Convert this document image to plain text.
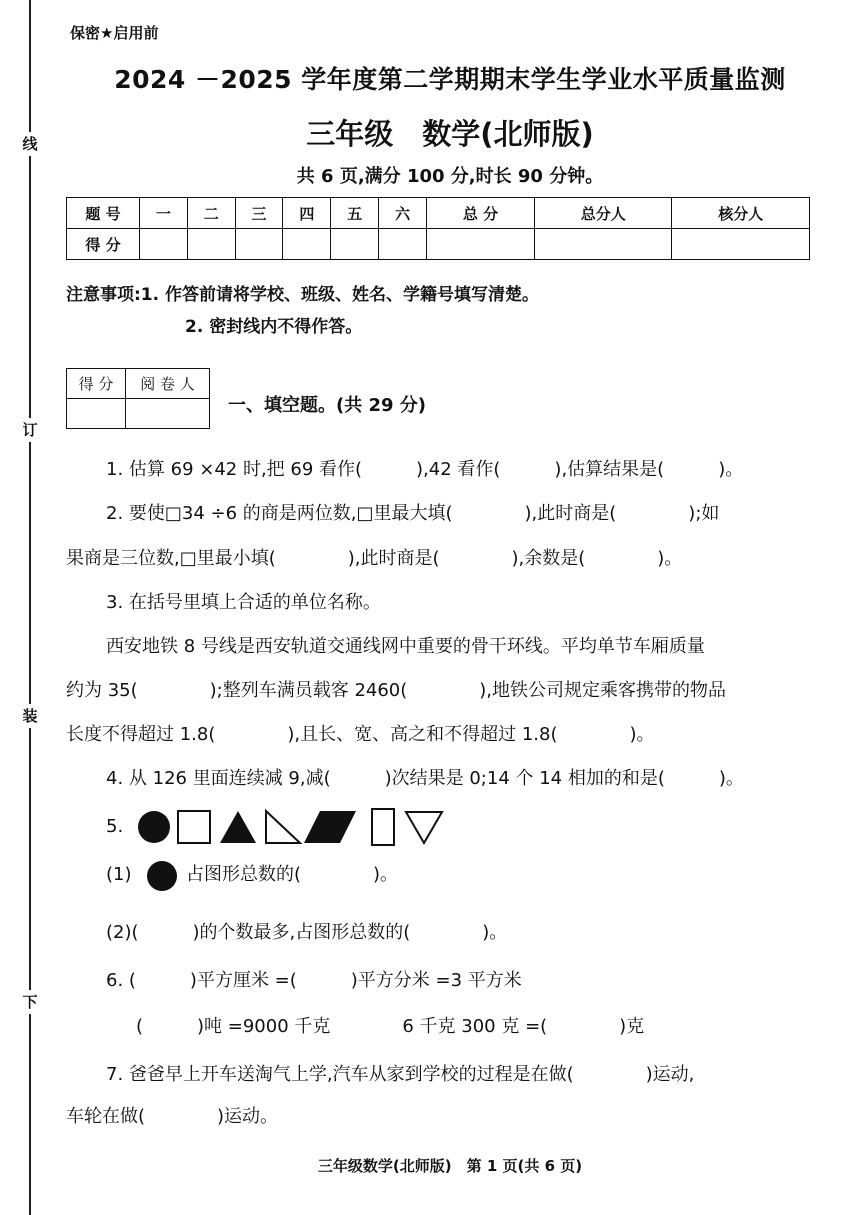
线
订
装
下
保密★启用前
2024 －2025 学年度第二学期期末学生学业水平质量监测
三年级　数学(北师版)
共 6 页,满分 100 分,时长 90 分钟。
题 号	一	二	三	四	五	六	总 分	总分人	核分人
得 分									
注意事项:1. 作答前请将学校、班级、姓名、学籍号填写清楚。
2. 密封线内不得作答。
得 分	阅 卷 人

一、填空题。(共 29 分)
1. 估算 69 ×42 时,把 69 看作(　　　),42 看作(　　　),估算结果是(　　　)。
2. 要使□34 ÷6 的商是两位数,□里最大填(　　　　),此时商是(　　　　);如
果商是三位数,□里最小填(　　　　),此时商是(　　　　),余数是(　　　　)。
3. 在括号里填上合适的单位名称。
西安地铁 8 号线是西安轨道交通线网中重要的骨干环线。平均单节车厢质量
约为 35(　　　　);整列车满员载客 2460(　　　　),地铁公司规定乘客携带的物品
长度不得超过 1.8(　　　　),且长、宽、高之和不得超过 1.8(　　　　)。
4. 从 126 里面连续减 9,减(　　　)次结果是 0;14 个 14 相加的和是(　　　)。
5.
(1)	占图形总数的(　　　　)。
(2)(　　　)的个数最多,占图形总数的(　　　　)。
6. (　　　)平方厘米 =(　　　)平方分米 =3 平方米
(　　　)吨 =9000 千克　　　　6 千克 300 克 =(　　　　)克
7. 爸爸早上开车送淘气上学,汽车从家到学校的过程是在做(　　　　)运动,
车轮在做(　　　　)运动。
三年级数学(北师版)　第 1 页(共 6 页)
